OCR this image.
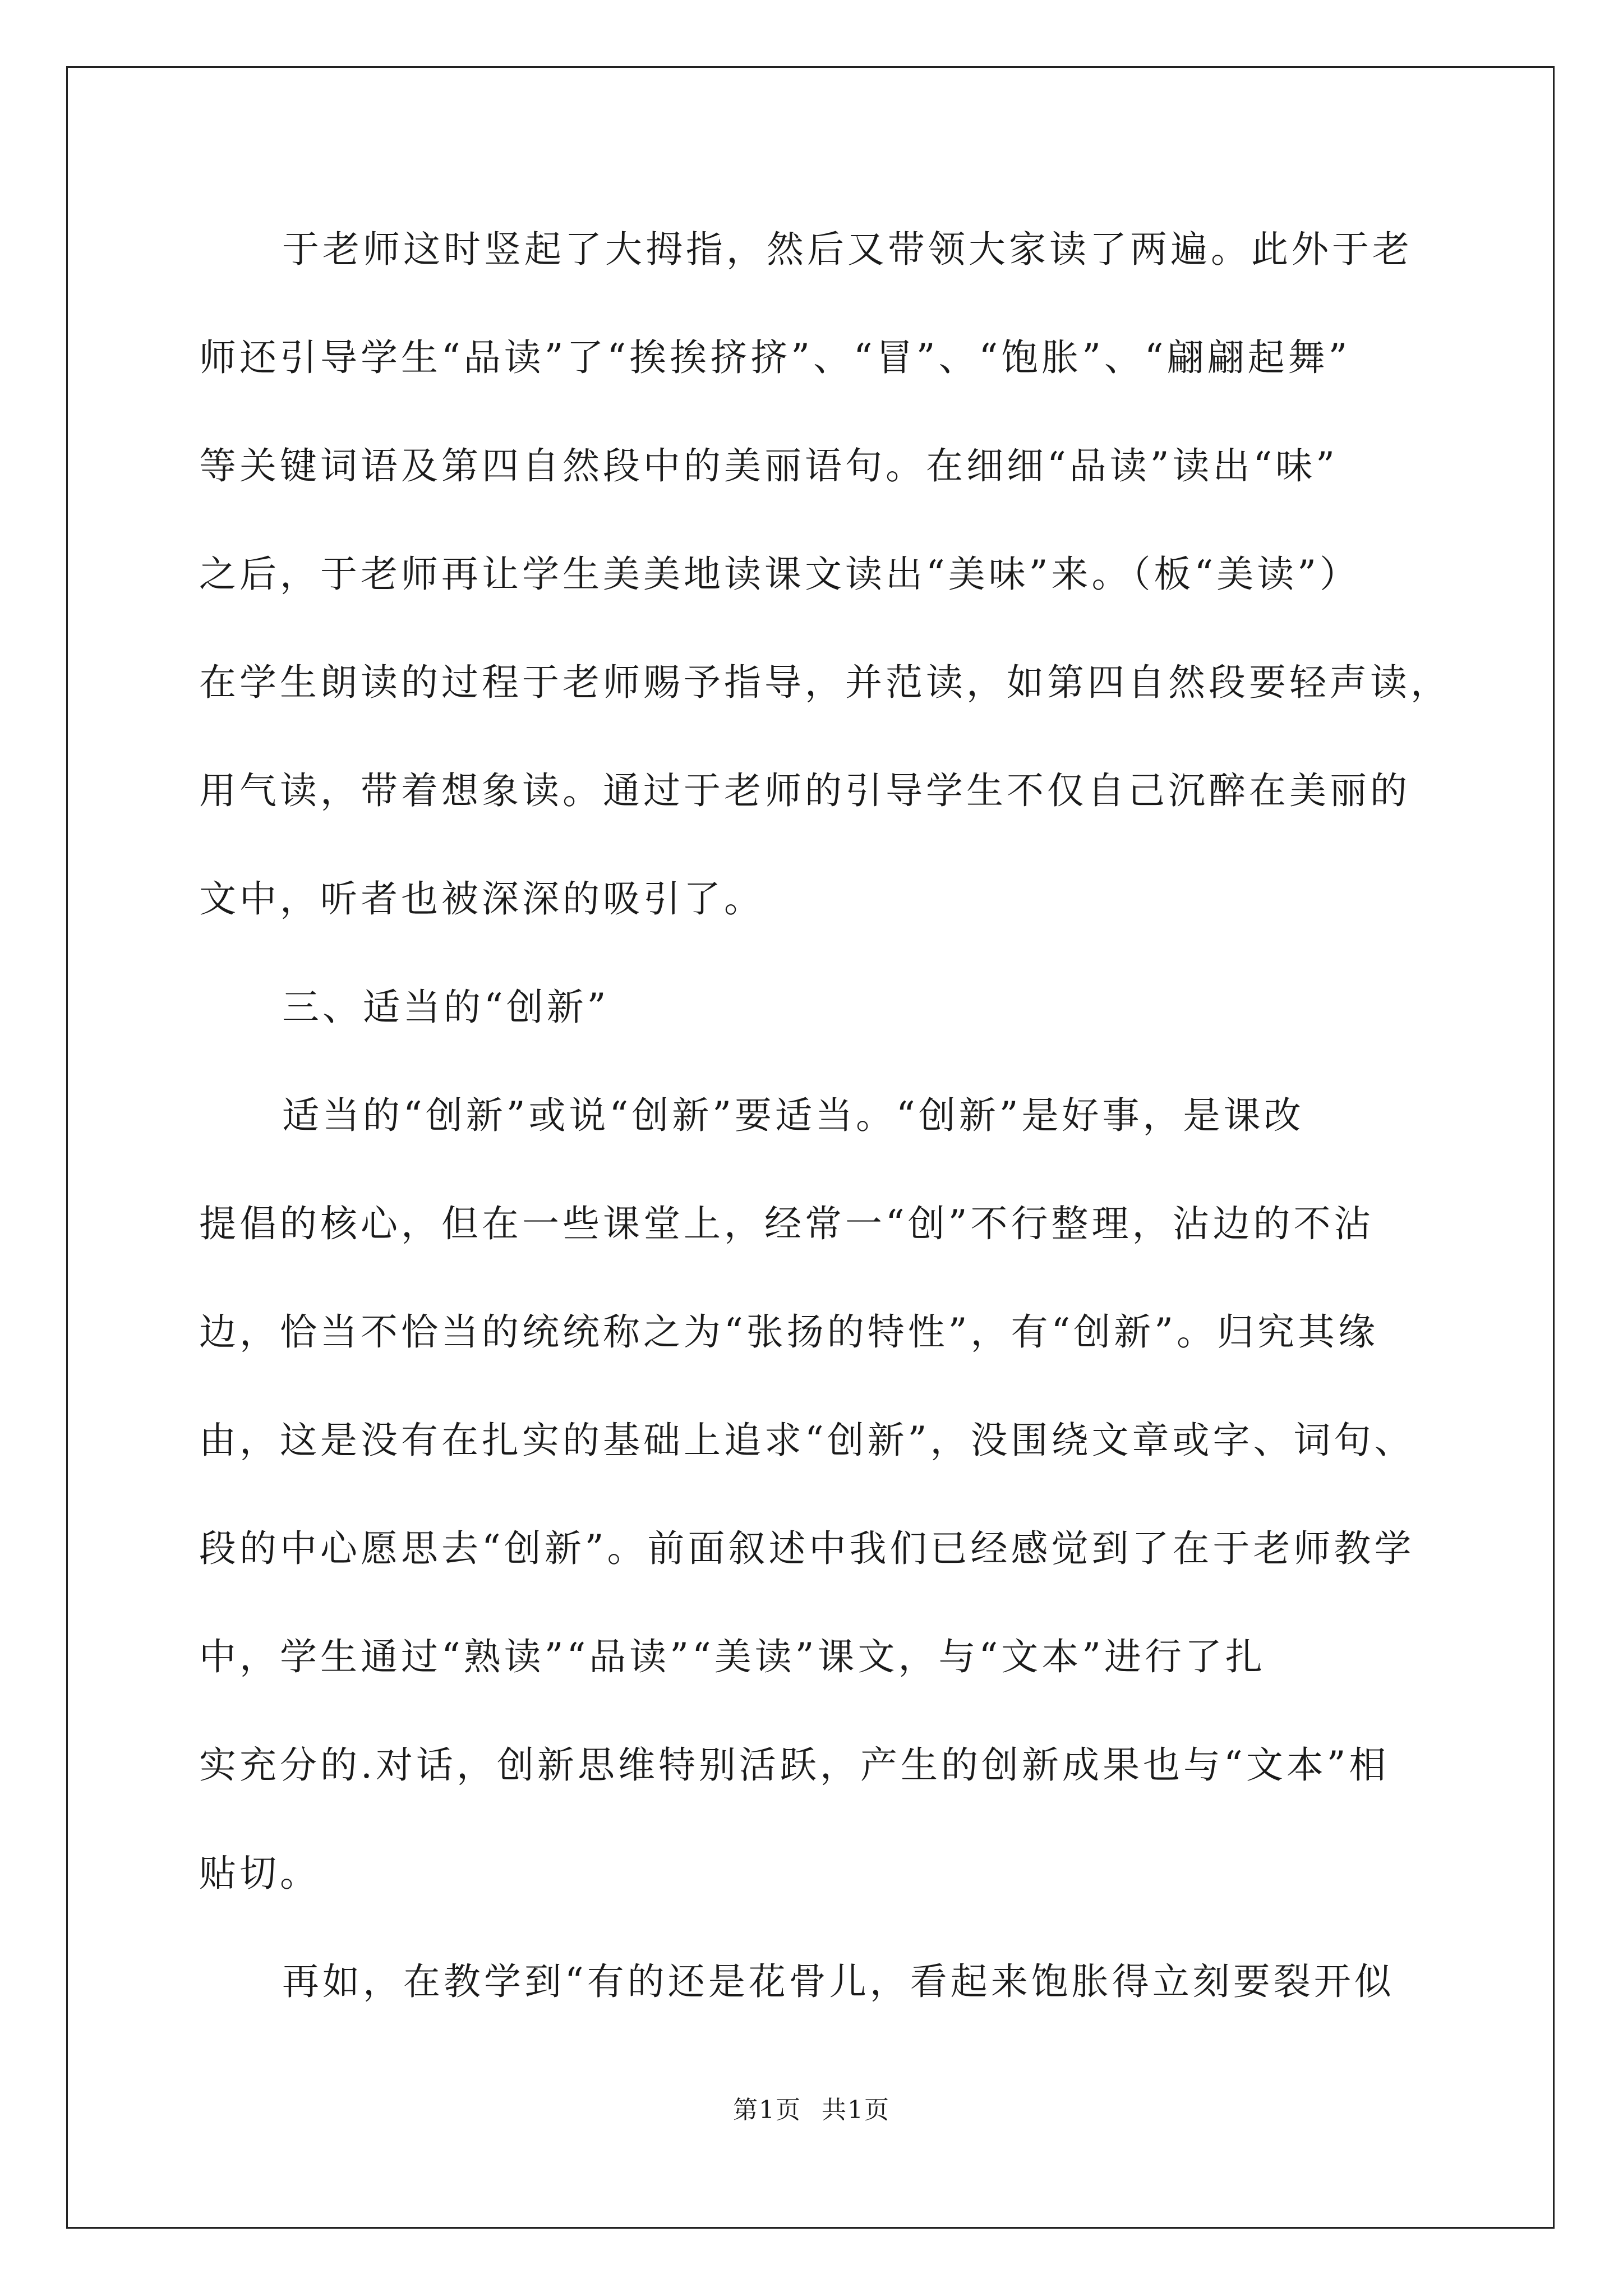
于老师这时竖起了大拇指，然后又带领大家读了两遍。此外于老
师还引导学生“品读”了“挨挨挤挤”、“冒”、“饱胀”、“翩翩起舞”
等关键词语及第四自然段中的美丽语句。在细细“品读”读出“味”
之后，于老师再让学生美美地读课文读出“美味”来。（板“美读”）
在学生朗读的过程于老师赐予指导，并范读，如第四自然段要轻声读，
用气读，带着想象读。通过于老师的引导学生不仅自己沉醉在美丽的
文中，听者也被深深的吸引了。
三、适当的“创新”
适当的“创新”或说“创新”要适当。“创新”是好事，是课改
提倡的核心，但在一些课堂上，经常一“创”不行整理，沾边的不沾
边，恰当不恰当的统统称之为“张扬的特性”，有“创新”。归究其缘
由，这是没有在扎实的基础上追求“创新”，没围绕文章或字、词句、
段的中心愿思去“创新”。前面叙述中我们已经感觉到了在于老师教学
中，学生通过“熟读”“品读”“美读”课文，与“文本”进行了扎
实充分的.对话，创新思维特别活跃，产生的创新成果也与“文本”相
贴切。
再如，在教学到“有的还是花骨儿，看起来饱胀得立刻要裂开似
第1页 共1页
